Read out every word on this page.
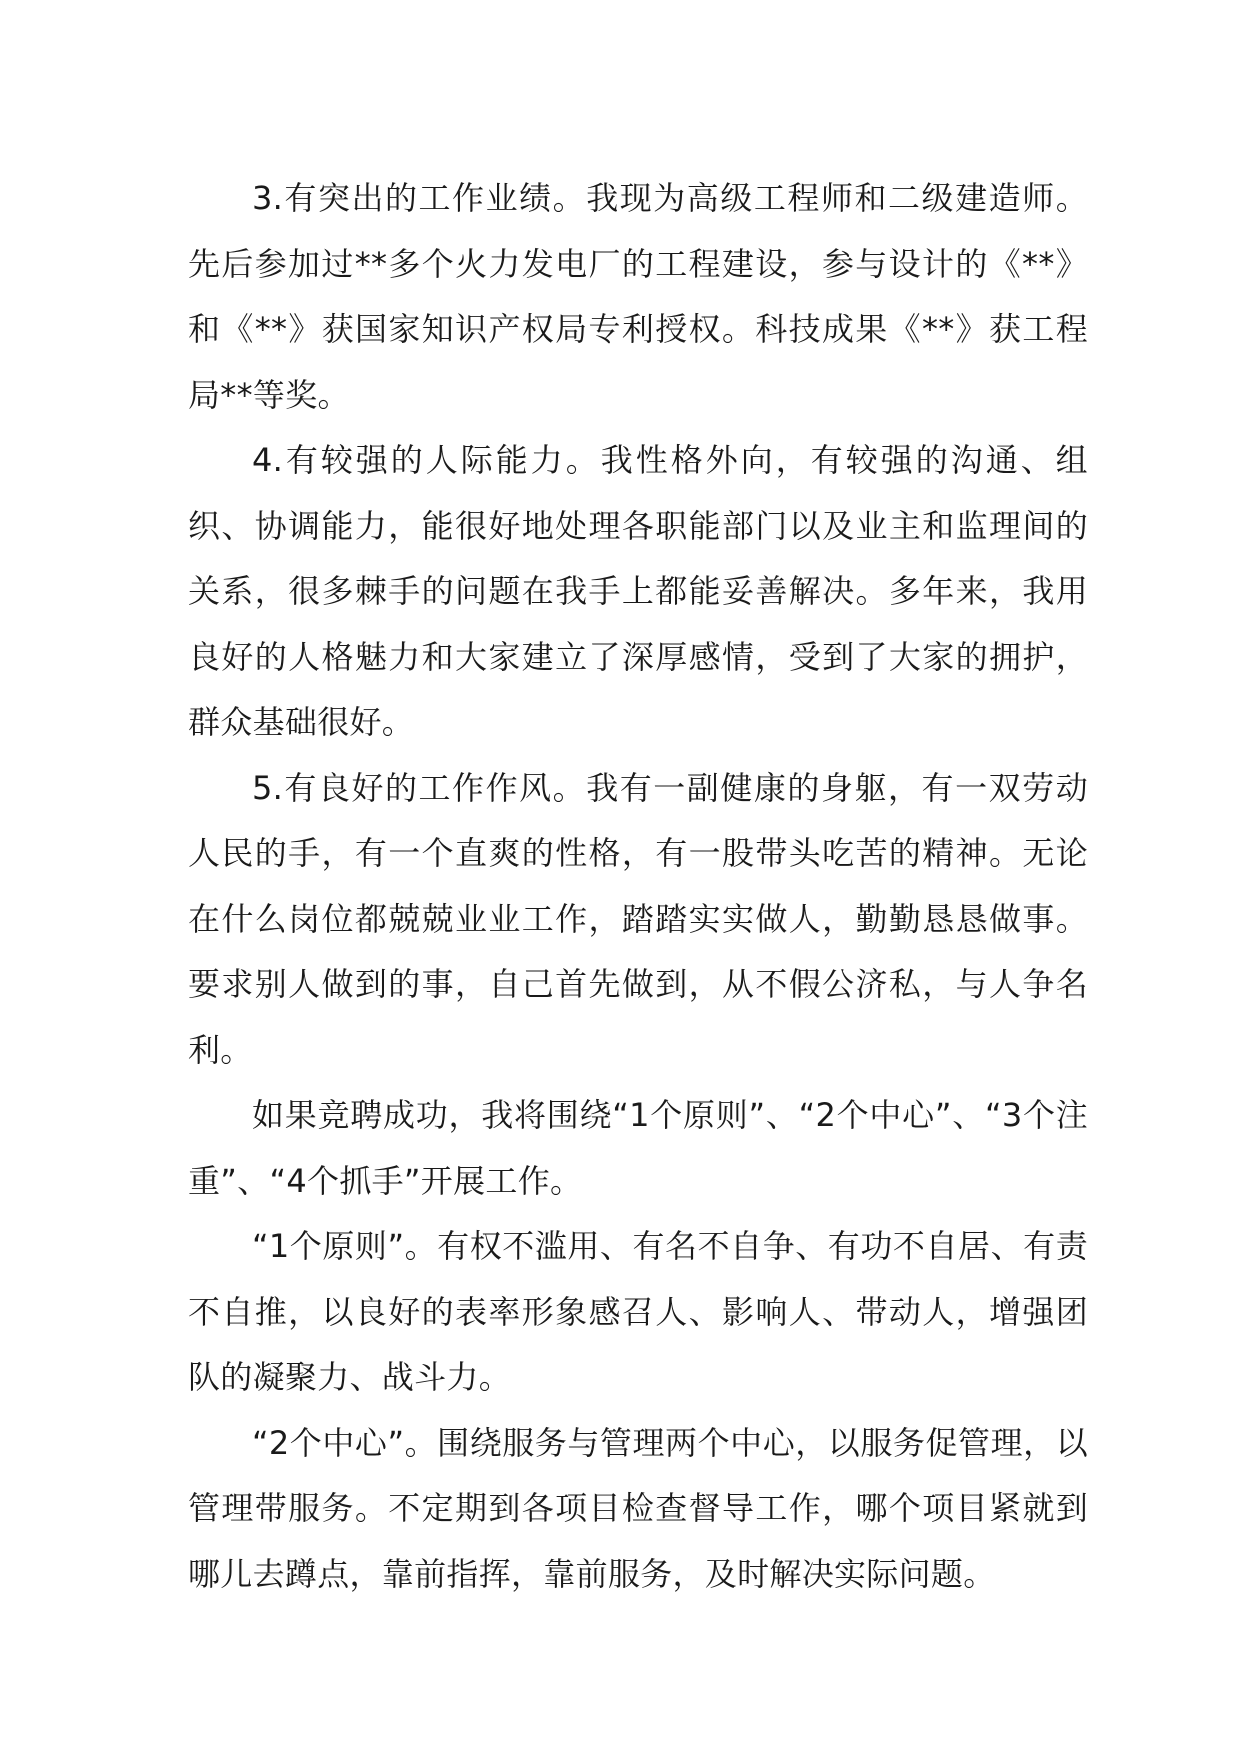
3.有突出的工作业绩。我现为高级工程师和二级建造师。先后参加过**多个火力发电厂的工程建设，参与设计的《**》和《**》获国家知识产权局专利授权。科技成果《**》获工程局**等奖。

4.有较强的人际能力。我性格外向，有较强的沟通、组织、协调能力，能很好地处理各职能部门以及业主和监理间的关系，很多棘手的问题在我手上都能妥善解决。多年来，我用良好的人格魅力和大家建立了深厚感情，受到了大家的拥护，群众基础很好。

5.有良好的工作作风。我有一副健康的身躯，有一双劳动人民的手，有一个直爽的性格，有一股带头吃苦的精神。无论在什么岗位都兢兢业业工作，踏踏实实做人，勤勤恳恳做事。要求别人做到的事，自己首先做到，从不假公济私，与人争名利。

如果竞聘成功，我将围绕“1个原则”、“2个中心”、“3个注重”、“4个抓手”开展工作。

“1个原则”。有权不滥用、有名不自争、有功不自居、有责不自推，以良好的表率形象感召人、影响人、带动人，增强团队的凝聚力、战斗力。

“2个中心”。围绕服务与管理两个中心，以服务促管理，以管理带服务。不定期到各项目检查督导工作，哪个项目紧就到哪儿去蹲点，靠前指挥，靠前服务，及时解决实际问题。
